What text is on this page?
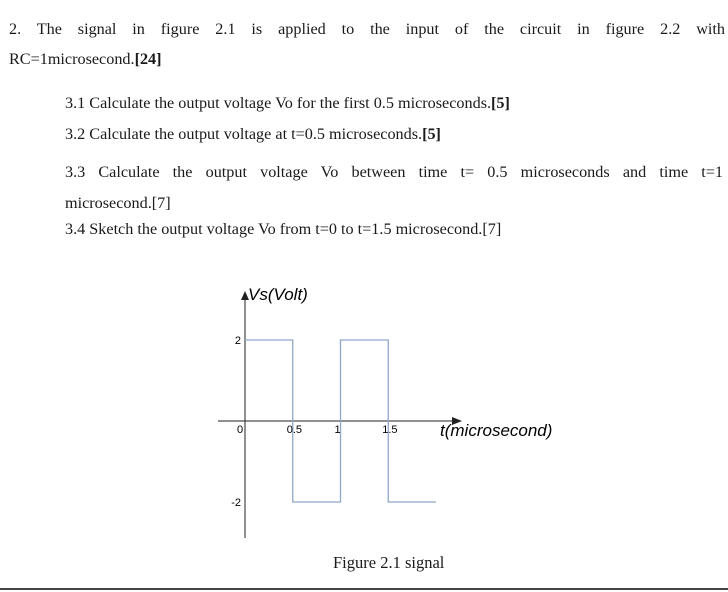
2. The signal in figure 2.1 is applied to the input of the circuit in figure 2.2 with
RC=1microsecond.[24]
3.1 Calculate the output voltage Vo for the first 0.5 microseconds.[5]
3.2 Calculate the output voltage at t=0.5 microseconds.[5]
3.3 Calculate the output voltage Vo between time t= 0.5 microseconds and time t=1
microsecond.[7]
3.4 Sketch the output voltage Vo from t=0 to t=1.5 microsecond.[7]
Vs(Volt)
t(microsecond)
2
-2
0	0.5	1	1.5
Figure 2.1 signal
